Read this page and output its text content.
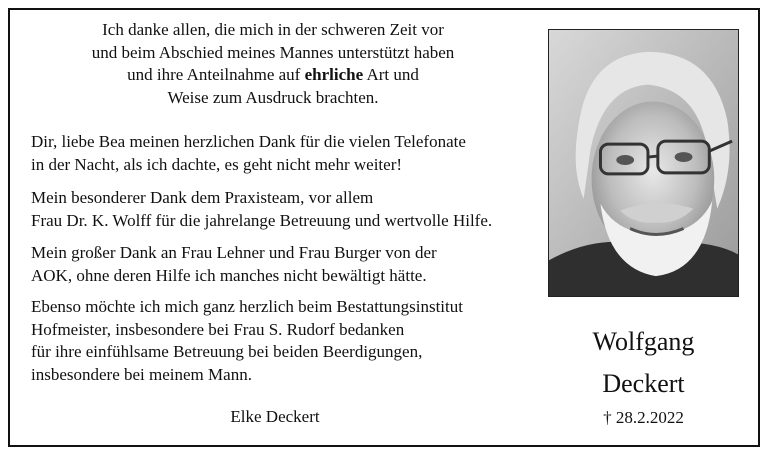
Ich danke allen, die mich in der schweren Zeit vor
und beim Abschied meines Mannes unterstützt haben
und ihre Anteilnahme auf ehrliche Art und
Weise zum Ausdruck brachten.
Dir, liebe Bea meinen herzlichen Dank für die vielen Telefonate
in der Nacht, als ich dachte, es geht nicht mehr weiter!
Mein besonderer Dank dem Praxisteam, vor allem
Frau Dr. K. Wolff für die jahrelange Betreuung und wertvolle Hilfe.
Mein großer Dank an Frau Lehner und Frau Burger von der
AOK, ohne deren Hilfe ich manches nicht bewältigt hätte.
Ebenso möchte ich mich ganz herzlich beim Bestattungsinstitut
Hofmeister, insbesondere bei Frau S. Rudorf bedanken
für ihre einfühlsame Betreuung bei beiden Beerdigungen,
insbesondere bei meinem Mann.
Elke Deckert
Wolfgang
Deckert
† 28.2.2022
